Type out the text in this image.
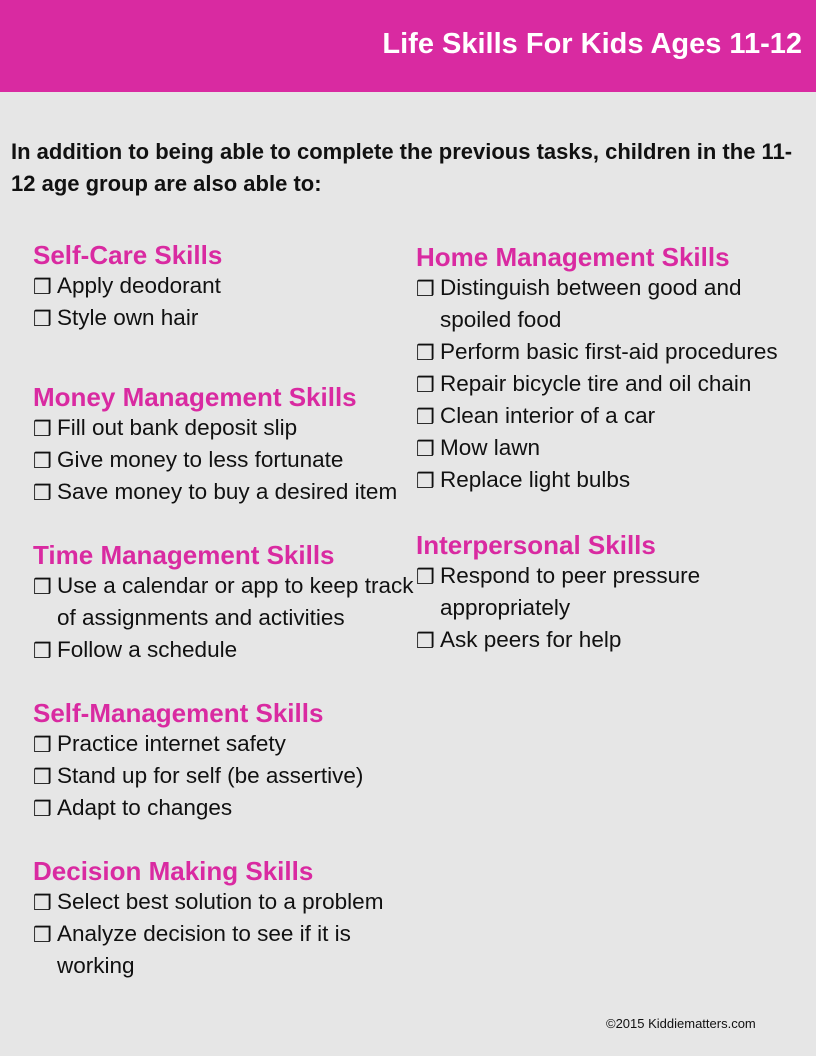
Life Skills For Kids Ages 11-12
In addition to being able to complete the previous tasks, children in the 11-12 age group are also able to:
Self-Care Skills
❒ Apply deodorant
❒ Style own hair
Money Management Skills
❒ Fill out bank deposit slip
❒ Give money to less fortunate
❒ Save money to buy a desired item
Time Management Skills
❒ Use a calendar or app to keep track of assignments and activities
❒ Follow a schedule
Self-Management Skills
❒ Practice internet safety
❒ Stand up for self (be assertive)
❒ Adapt to changes
Decision Making Skills
❒ Select best solution to a problem
❒ Analyze decision to see if it is working
Home Management Skills
❒ Distinguish between good and spoiled food
❒ Perform basic first-aid procedures
❒ Repair bicycle tire and oil chain
❒ Clean interior of a car
❒ Mow lawn
❒ Replace light bulbs
Interpersonal Skills
❒ Respond to peer pressure appropriately
❒ Ask peers for help
©2015 Kiddiematters.com
